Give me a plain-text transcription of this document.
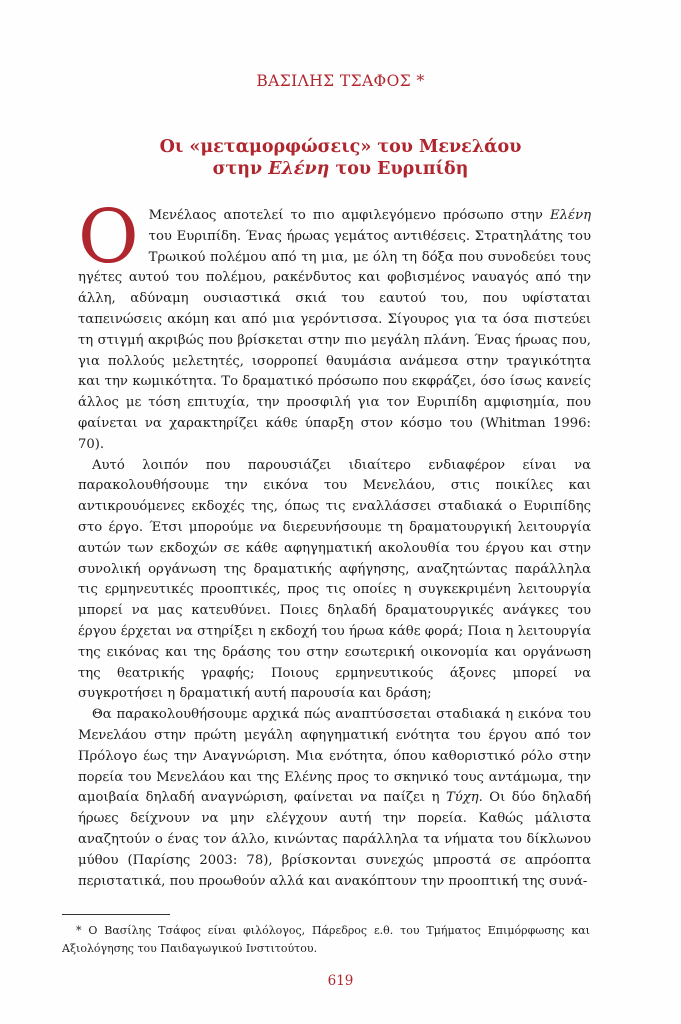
ΒΑΣΙΛΗΣ ΤΣΑΦΟΣ *
Οι «μεταμορφώσεις» του Μενελάου
στην Ελένη του Ευριπίδη

Ο Μενέλαος αποτελεί το πιο αμφιλεγόμενο πρόσωπο στην Ελένη του Ευριπίδη. Ένας ήρωας γεμάτος αντιθέσεις. Στρατηλάτης του Τρωικού πολέμου από τη μια, με όλη τη δόξα που συνοδεύει τους ηγέτες αυτού του πολέμου, ρακένδυτος και φοβισμένος ναυαγός από την άλλη, αδύναμη ουσιαστικά σκιά του εαυτού του, που υφίσταται ταπεινώσεις ακόμη και από μια γερόντισσα. Σίγουρος για τα όσα πιστεύει τη στιγμή ακριβώς που βρίσκεται στην πιο μεγάλη πλάνη. Ένας ήρωας που, για πολλούς μελετητές, ισορροπεί θαυμάσια ανάμεσα στην τραγικότητα και την κωμικότητα. Το δραματικό πρόσωπο που εκφράζει, όσο ίσως κανείς άλλος με τόση επιτυχία, την προσφιλή για τον Ευριπίδη αμφισημία, που φαίνεται να χαρακτηρίζει κάθε ύπαρξη στον κόσμο του (Whitman 1996: 70).

Αυτό λοιπόν που παρουσιάζει ιδιαίτερο ενδιαφέρον είναι να παρακολουθήσουμε την εικόνα του Μενελάου, στις ποικίλες και αντικρουόμενες εκδοχές της, όπως τις εναλλάσσει σταδιακά ο Ευριπίδης στο έργο. Έτσι μπορούμε να διερευνήσουμε τη δραματουργική λειτουργία αυτών των εκδοχών σε κάθε αφηγηματική ακολουθία του έργου και στην συνολική οργάνωση της δραματικής αφήγησης, αναζητώντας παράλληλα τις ερμηνευτικές προοπτικές, προς τις οποίες η συγκεκριμένη λειτουργία μπορεί να μας κατευθύνει. Ποιες δηλαδή δραματουργικές ανάγκες του έργου έρχεται να στηρίξει η εκδοχή του ήρωα κάθε φορά; Ποια η λειτουργία της εικόνας και της δράσης του στην εσωτερική οικονομία και οργάνωση της θεατρικής γραφής; Ποιους ερμηνευτικούς άξονες μπορεί να συγκροτήσει η δραματική αυτή παρουσία και δράση;

Θα παρακολουθήσουμε αρχικά πώς αναπτύσσεται σταδιακά η εικόνα του Μενελάου στην πρώτη μεγάλη αφηγηματική ενότητα του έργου από τον Πρόλογο έως την Αναγνώριση. Μια ενότητα, όπου καθοριστικό ρόλο στην πορεία του Μενελάου και της Ελένης προς το σκηνικό τους αντάμωμα, την αμοιβαία δηλαδή αναγνώριση, φαίνεται να παίζει η Τύχη. Οι δύο δηλαδή ήρωες δείχνουν να μην ελέγχουν αυτή την πορεία. Καθώς μάλιστα αναζητούν ο ένας τον άλλο, κινώντας παράλληλα τα νήματα του δίκλωνου μύθου (Παρίσης 2003: 78), βρίσκονται συνεχώς μπροστά σε απρόοπτα περιστατικά, που προωθούν αλλά και ανακόπτουν την προοπτική της συνά-

* Ο Βασίλης Τσάφος είναι φιλόλογος, Πάρεδρος ε.θ. του Τμήματος Επιμόρφωσης και Αξιολόγησης του Παιδαγωγικού Ινστιτούτου.
619
